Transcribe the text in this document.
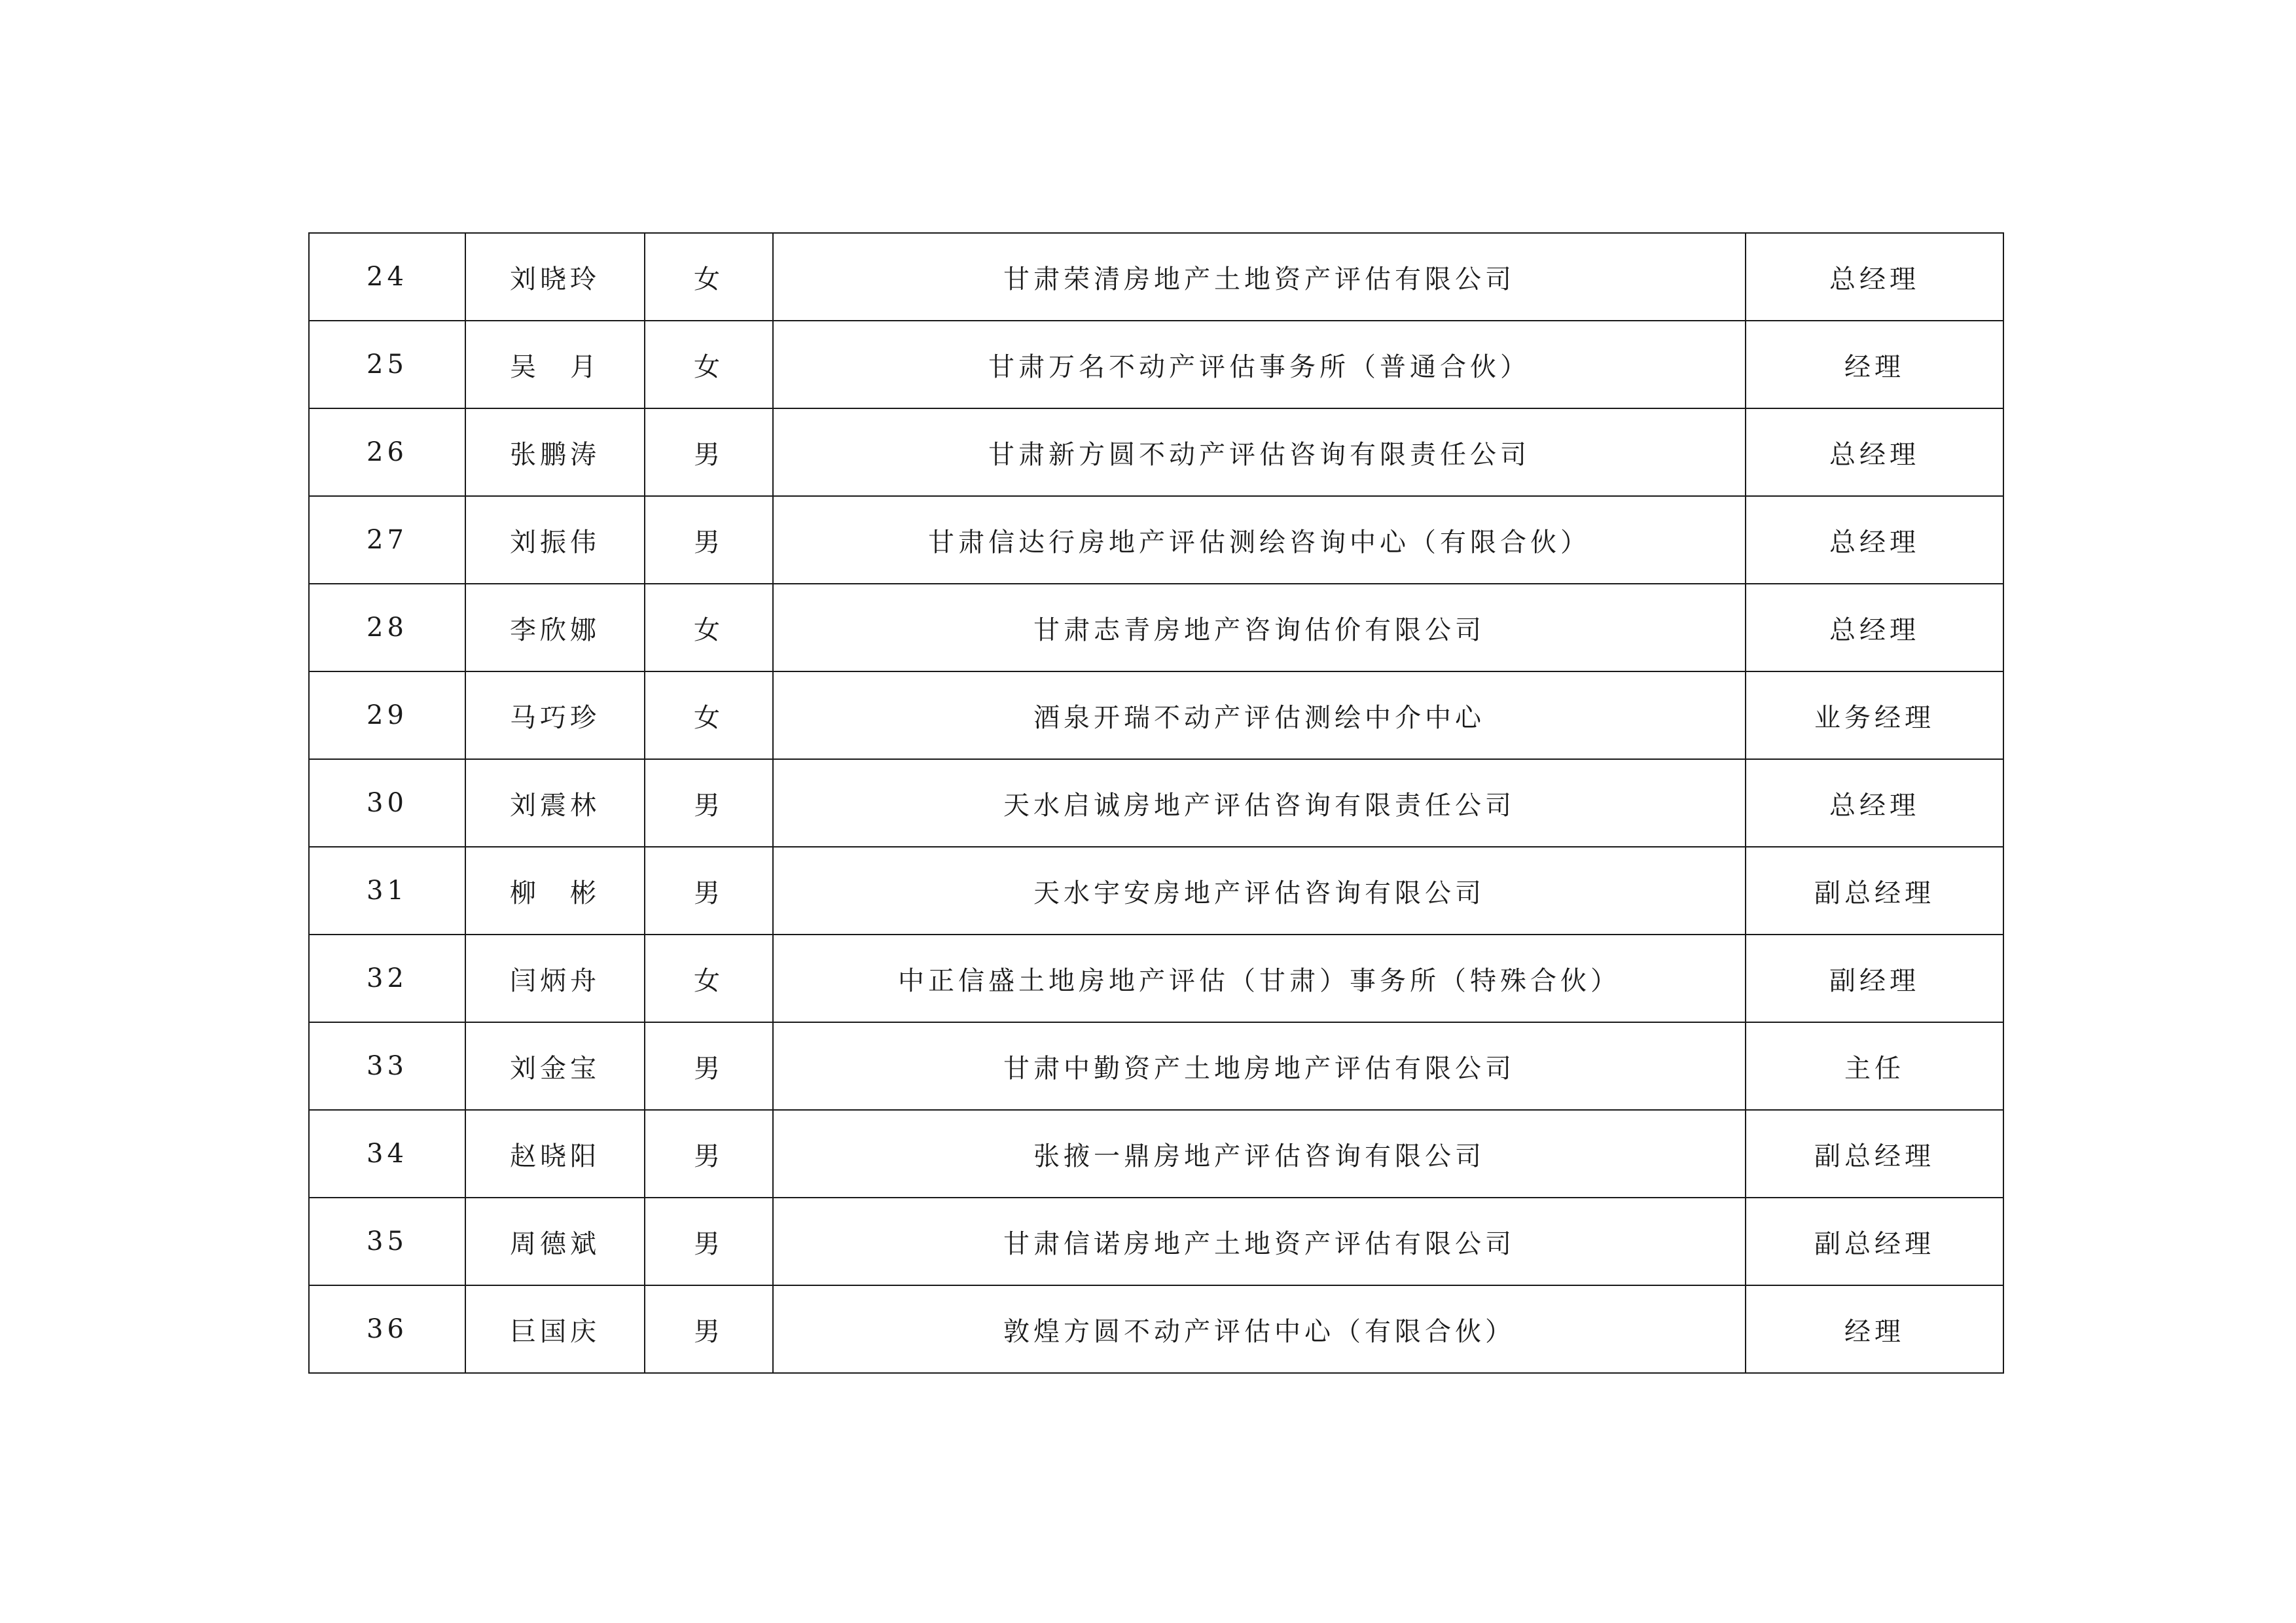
24	刘晓玲	女	甘肃荣清房地产土地资产评估有限公司	总经理
25	吴　月	女	甘肃万名不动产评估事务所（普通合伙）	经理
26	张鹏涛	男	甘肃新方圆不动产评估咨询有限责任公司	总经理
27	刘振伟	男	甘肃信达行房地产评估测绘咨询中心（有限合伙）	总经理
28	李欣娜	女	甘肃志青房地产咨询估价有限公司	总经理
29	马巧珍	女	酒泉开瑞不动产评估测绘中介中心	业务经理
30	刘震林	男	天水启诚房地产评估咨询有限责任公司	总经理
31	柳　彬	男	天水宇安房地产评估咨询有限公司	副总经理
32	闫炳舟	女	中正信盛土地房地产评估（甘肃）事务所（特殊合伙）	副经理
33	刘金宝	男	甘肃中勤资产土地房地产评估有限公司	主任
34	赵晓阳	男	张掖一鼎房地产评估咨询有限公司	副总经理
35	周德斌	男	甘肃信诺房地产土地资产评估有限公司	副总经理
36	巨国庆	男	敦煌方圆不动产评估中心（有限合伙）	经理
